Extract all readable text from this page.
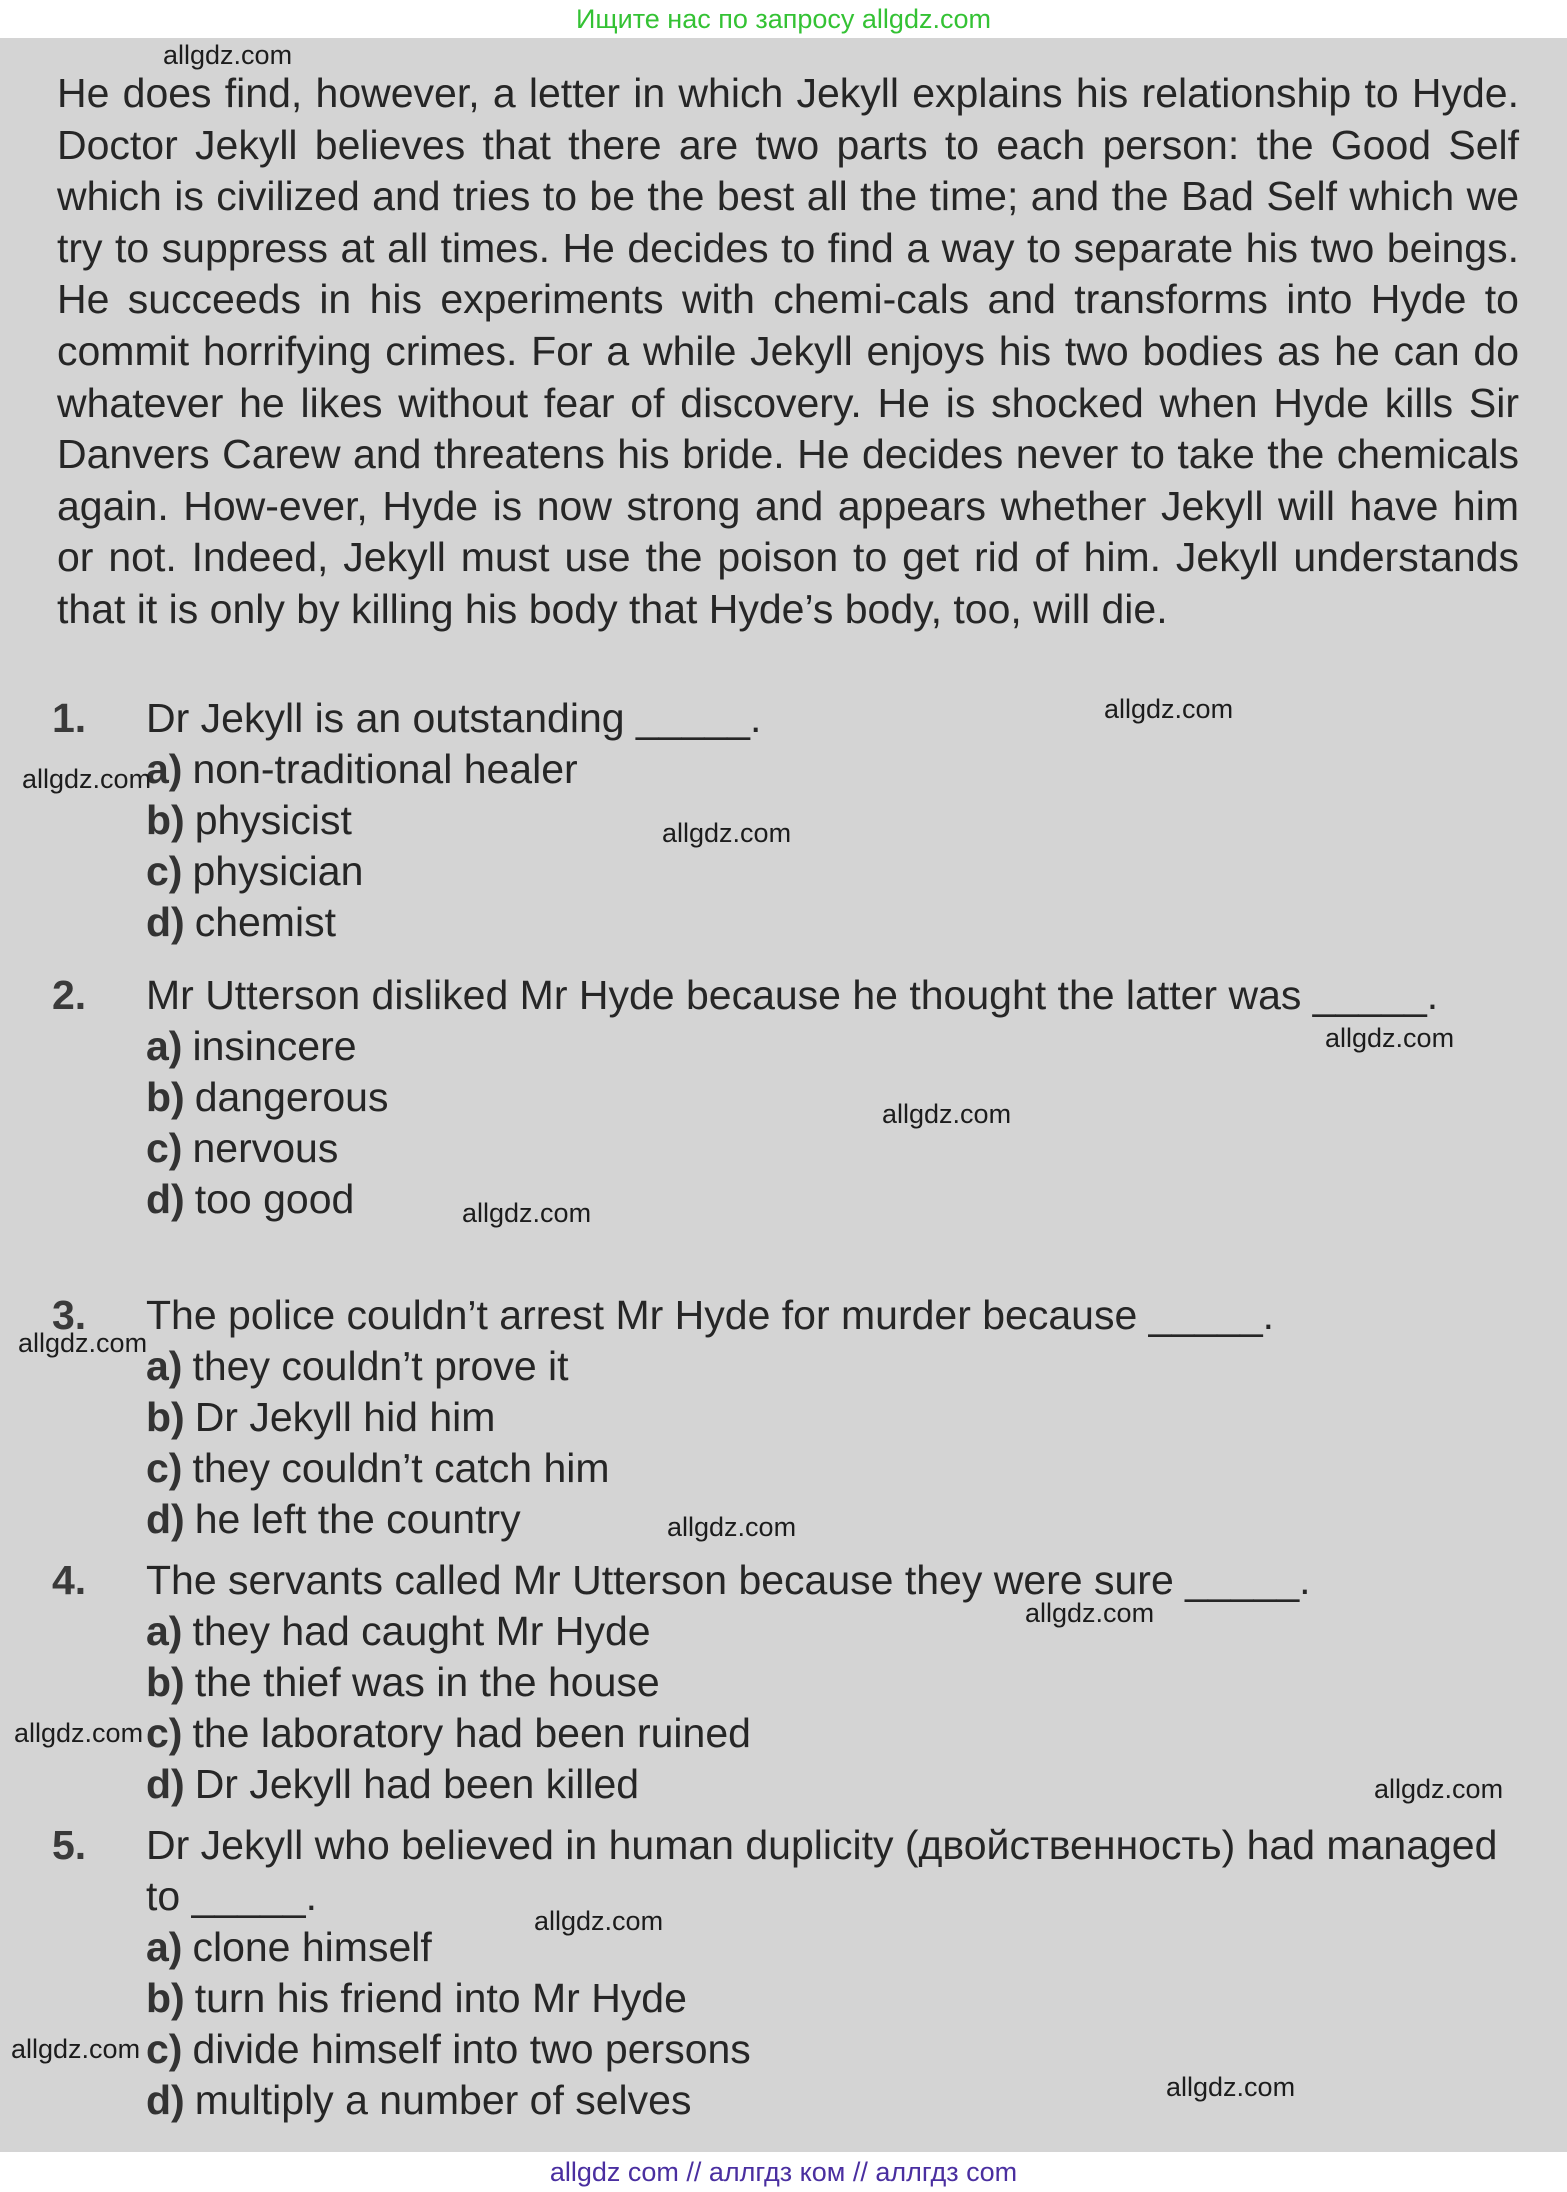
Ищите нас по запросу allgdz.com

He does find, however, a letter in which Jekyll explains his relationship to Hyde. Doctor Jekyll believes that there are two parts to each person: the Good Self which is civilized and tries to be the best all the time; and the Bad Self which we try to suppress at all times. He decides to find a way to separate his two beings. He succeeds in his experiments with chemi-cals and transforms into Hyde to commit horrifying crimes. For a while Jekyll enjoys his two bodies as he can do whatever he likes without fear of discovery. He is shocked when Hyde kills Sir Danvers Carew and threatens his bride. He decides never to take the chemicals again. How-ever, Hyde is now strong and appears whether Jekyll will have him or not. Indeed, Jekyll must use the poison to get rid of him. Jekyll understands that it is only by killing his body that Hyde’s body, too, will die.

1. Dr Jekyll is an outstanding _____.
a) non-traditional healer
b) physicist
c) physician
d) chemist
2. Mr Utterson disliked Mr Hyde because he thought the latter was _____.
a) insincere
b) dangerous
c) nervous
d) too good
3. The police couldn’t arrest Mr Hyde for murder because _____.
a) they couldn’t prove it
b) Dr Jekyll hid him
c) they couldn’t catch him
d) he left the country
4. The servants called Mr Utterson because they were sure _____.
a) they had caught Mr Hyde
b) the thief was in the house
c) the laboratory had been ruined
d) Dr Jekyll had been killed
5. Dr Jekyll who believed in human duplicity (двойственность) had managed to _____.
a) clone himself
b) turn his friend into Mr Hyde
c) divide himself into two persons
d) multiply a number of selves
allgdz.com
allgdz.com
allgdz.com
allgdz.com
allgdz.com
allgdz.com
allgdz.com
allgdz.com
allgdz.com
allgdz.com
allgdz.com
allgdz.com
allgdz.com
allgdz.com
allgdz.com
allgdz com // аллгдз ком // аллгдз com
